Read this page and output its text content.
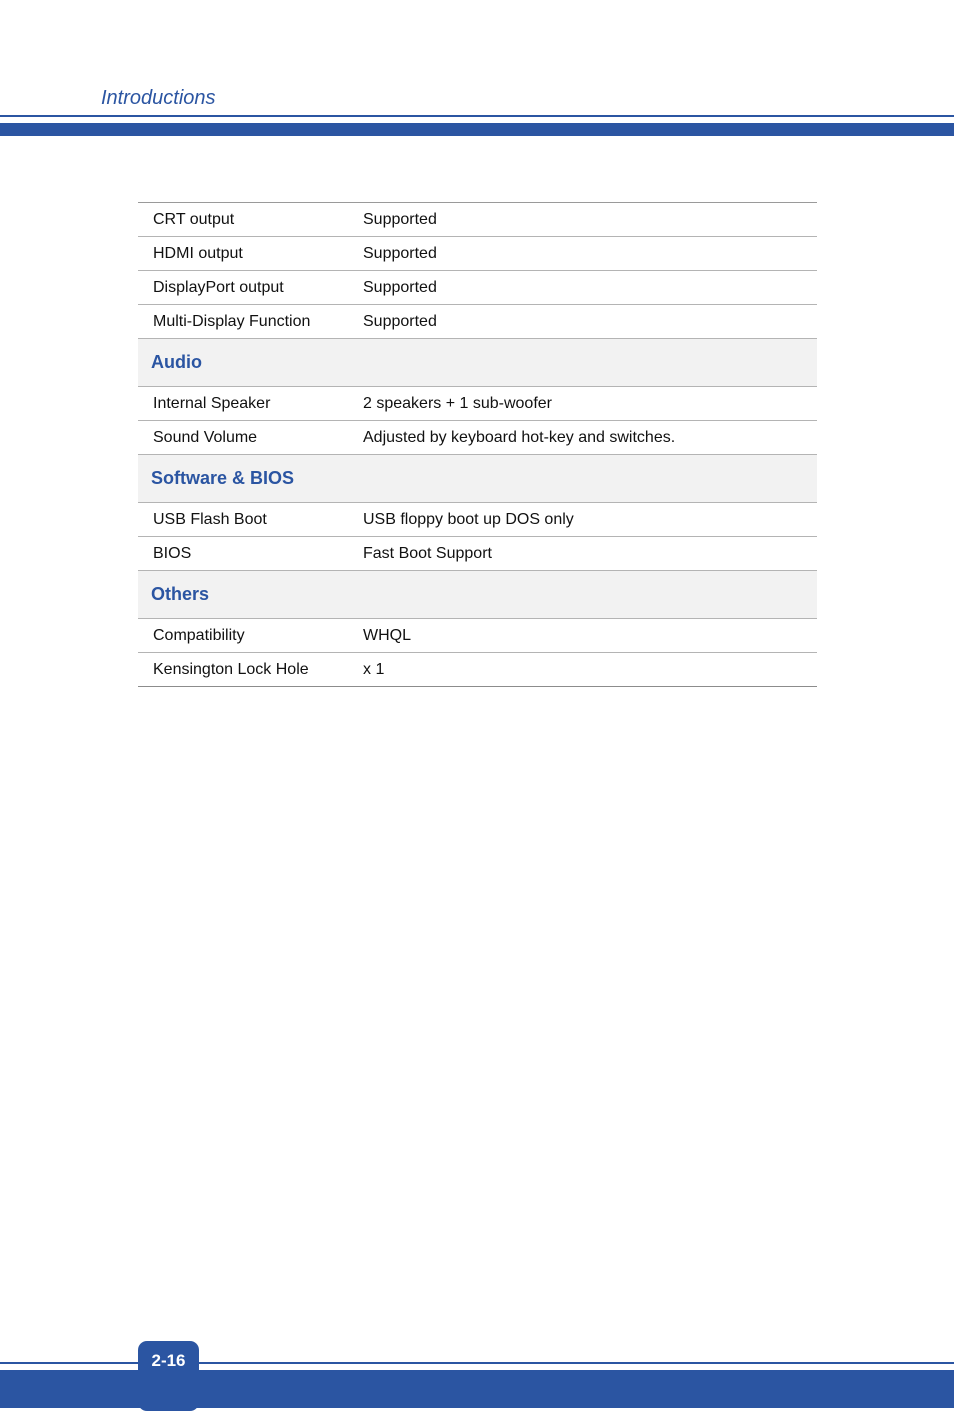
Introductions
CRT output	Supported
HDMI output	Supported
DisplayPort output	Supported
Multi-Display Function	Supported
Audio
Internal Speaker	2 speakers + 1 sub-woofer
Sound Volume	Adjusted by keyboard hot-key and switches.
Software & BIOS
USB Flash Boot	USB floppy boot up DOS only
BIOS	Fast Boot Support
Others
Compatibility	WHQL
Kensington Lock Hole	x 1
2-16
